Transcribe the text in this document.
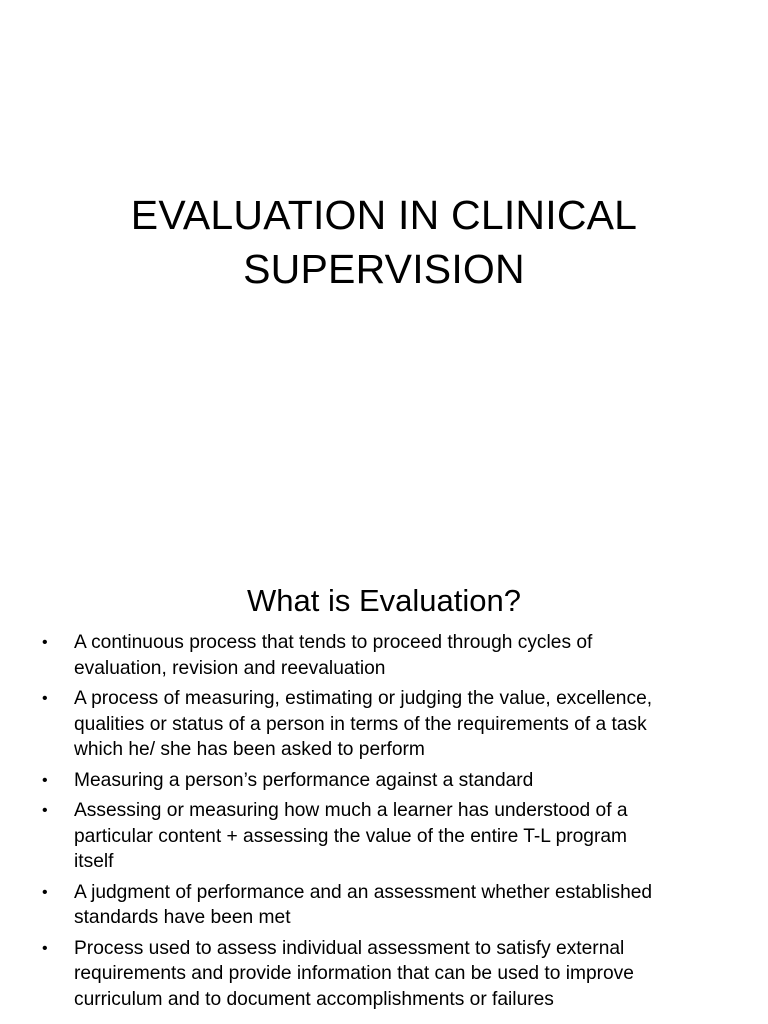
EVALUATION IN CLINICAL
SUPERVISION
What is Evaluation?
• A continuous process that tends to proceed through cycles of
evaluation, revision and reevaluation
• A process of measuring, estimating or judging the value, excellence,
qualities or status of a person in terms of the requirements of a task
which he/ she has been asked to perform
• Measuring a person’s performance against a standard
• Assessing or measuring how much a learner has understood of a
particular content + assessing the value of the entire T-L program
itself
• A judgment of performance and an assessment whether established
standards have been met
• Process used to assess individual assessment to satisfy external
requirements and provide information that can be used to improve
curriculum and to document accomplishments or failures
